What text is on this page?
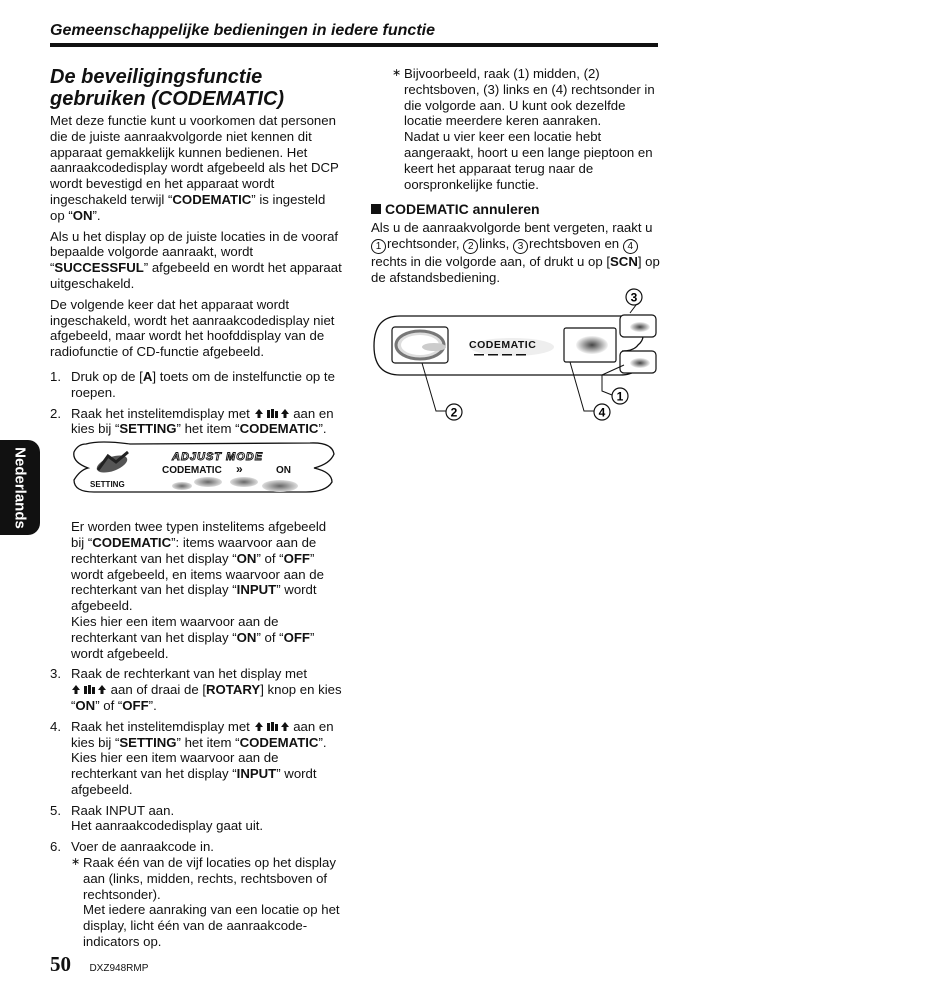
Gemeenschappelijke bedieningen in iedere functie
Nederlands
De beveiligingsfunctie
gebruiken (CODEMATIC)

Met deze functie kunt u voorkomen dat personen die de juiste aanraakvolgorde niet kennen dit apparaat gemakkelijk kunnen bedienen. Het aanraakcodedisplay wordt afgebeeld als het DCP wordt bevestigd en het apparaat wordt ingeschakeld terwijl “CODEMATIC” is ingesteld op “ON”.

Als u het display op de juiste locaties in de vooraf bepaalde volgorde aanraakt, wordt “SUCCESSFUL” afgebeeld en wordt het apparaat uitgeschakeld.

De volgende keer dat het apparaat wordt ingeschakeld, wordt het aanraakcodedisplay niet afgebeeld, maar wordt het hoofddisplay van de radiofunctie of CD-functie afgebeeld.

1. Druk op de [A] toets om de instelfunctie op te roepen.
2. Raak het instelitemdisplay met	aan en kies bij “SETTING” het item “CODEMATIC”.

Er worden twee typen instelitems afgebeeld bij “CODEMATIC”: items waarvoor aan de rechterkant van het display “ON” of “OFF” wordt afgebeeld, en items waarvoor aan de rechterkant van het display “INPUT” wordt afgebeeld.

Kies hier een item waarvoor aan de rechterkant van het display “ON” of “OFF” wordt afgebeeld.

3. Raak de rechterkant van het display met
aan of draai de [ROTARY] knop en kies “ON” of “OFF”.
4. Raak het instelitemdisplay met	aan en kies bij “SETTING” het item “CODEMATIC”.
Kies hier een item waarvoor aan de rechterkant van het display “INPUT” wordt afgebeeld.
5. Raak INPUT aan.
Het aanraakcodedisplay gaat uit.
6. Voer de aanraakcode in.
∗ Raak één van de vijf locaties op het display aan (links, midden, rechts, rechtsboven of rechtsonder).
Met iedere aanraking van een locatie op het display, licht één van de aanraakcode-indicators op.
ADJUST MODE
CODEMATIC »	ON
SETTING
∗ Bijvoorbeeld, raak (1) midden, (2) rechtsboven, (3) links en (4) rechtsonder in die volgorde aan. U kunt ook dezelfde locatie meerdere keren aanraken.

Nadat u vier keer een locatie hebt aangeraakt, hoort u een lange pieptoon en keert het apparaat terug naar de oorspronkelijke functie.

CODEMATIC annuleren

Als u de aanraakvolgorde bent vergeten, raakt u 1 rechtsonder, 2 links, 3 rechtsboven en 4rechts in die volgorde aan, of drukt u op [SCN] op de afstandsbediening.

CODEMATIC
3
1
2	4
50 DXZ948RMP
